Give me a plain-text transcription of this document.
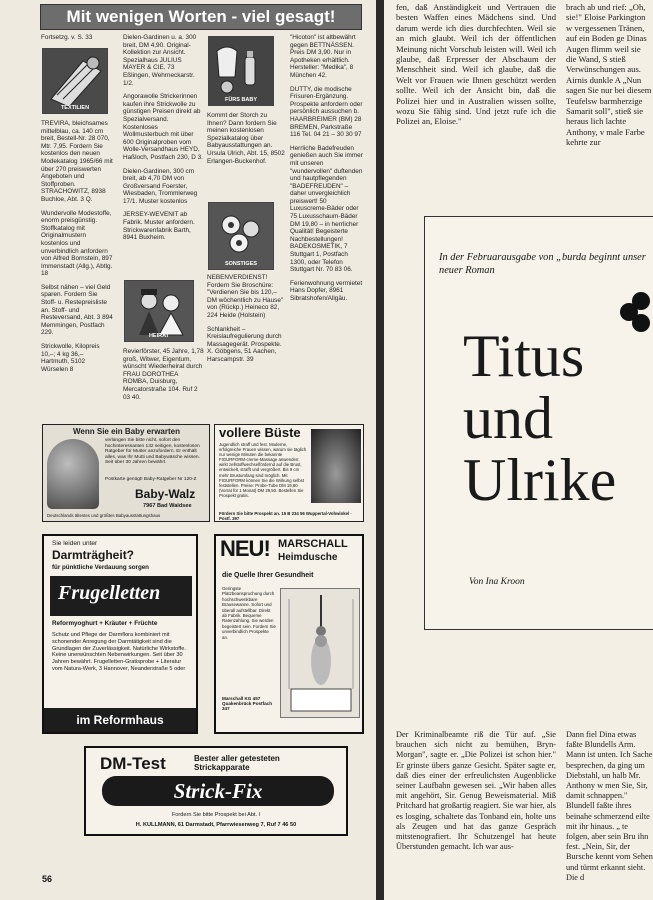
Mit wenigen Worten - viel gesagt!
TEXTILIEN

Fortsetzg. v. S. 33

TREVIRA, bleichsames mittelblau, ca. 140 cm breit, Bestell-Nr. 28 070, Mtr. 7,95. Fordern Sie kostenlos den neuen Modekatalog 1965/66 mit über 270 preiswerten Angeboten und Stoffproben. STRACHOWITZ, 8938 Buchloe, Abt. 3 Q.

Wundervolle Modestoffe, enorm preisgünstig. Stoffkatalog mit Originalmustern kostenlos und unverbindlich anfordern von Alfred Bornstein, 897 Immenstadt (Allg.), Abtlg. 18

Selbst nähen – viel Geld sparen. Fordern Sie Stoff- u. Restepreisliste an. Stoff- und Resteversand, Abt. 3 894 Memmingen, Postfach 229.

Strickwolle, Kilopreis 10,–; 4 kg 36,– Hartmuth, 5102 Würselen 8

Dielen-Gardinen u. a. 300 breit, DM 4,90. Original-Kollektion zur Ansicht. Spezialhaus JULIUS MAYER & CIE. 73 Eßlingen, Wehrneckarstr. 1/2.

Angorawolle Strickerinnen kaufen ihre Strickwolle zu günstigen Preisen direkt ab Spezialversand. Kostenloses Wollmusterbuch mit über 600 Originalproben vom Wolle-Versandhaus HEYD, Haßloch, Postfach 230, D 3.

Dielen-Gardinen, 300 cm breit, ab 4,70 DM von Großversand Foerster, Wiesbaden, Trommlerweg 17/1. Muster kostenlos

JERSEY-WEVENIT ab Fabrik. Muster anfordern. Strickwarenfabrik Barth, 8941 Buxheim.

HEIRAT

Revierförster, 45 Jahre, 1,78 groß, Witwer, Eigentum, wünscht Wiederheirat durch FRAU DOROTHEA ROMBA, Duisburg, Mercatorstraße 104. Ruf 2 03 40.

FÜRS BABY

Kommt der Storch zu Ihnen? Dann fordern Sie meinen kostenlosen Spezialkatalog über Babyausstattungen an. Ursula Ulrich, Abt. 15, 8502 Erlangen-Buckenhof.

SONSTIGES

NEBENVERDIENST! Fordern Sie Broschüre: "Verdienen Sie bis 120,– DM wöchentlich zu Hause" von (Rückp.) Heineco 82, 224 Heide (Holstein)

Schlankheit – Kreislaufregulierung durch Massagegerät. Prospekte. X. Göbgens, 51 Aachen, Harscampstr. 39

"Hicoton" ist altbewährt gegen BETTNÄSSEN. Preis DM 3,90. Nur in Apotheken erhältlich. Hersteller: "Medika", 8 München 42.

DUTTY, die modische Frisuren-Ergänzung. Prospekte anfordern oder persönlich aussuchen b. HAARBREIMER (BM) 28 BREMEN, Parkstraße 116 Tel. 04 21 – 30 30 97

Herrliche Badefreuden genießen auch Sie immer mit unseren "wundervollen" duftenden und hautpflegenden "BADEFREUDEN" – daher unvergleichlich preiswert! 50 Luxuscreme-Bäder oder 75 Luxusschaum-Bäder DM 19,80 – in herrlicher Qualität! Begeisterte Nachbestellungen! BADEKOSMETIK, 7 Stuttgart 1, Postfach 1300, oder Telefon Stuttgart Nr. 70 83 06.

Ferienwohnung vermietet Hans Dopfer, 8961 Sibratshofen/Allgäu.

Wenn Sie ein Baby erwarten
verlangen Sie bitte nicht, sofort den hochinteressanten 132 seitigen, kostenlosen Ratgeber für Mutter anzufordern. Er enthält alles, was Ihr Mutti und Babywäsche wissen. Seit über 30 Jahren bewährt.
Postkarte genügt! Baby-Ratgeber Nr 120-Z
Baby-Walz
7967 Bad Waldsee
Deutschlands ältestes und größtes Babyausstattungshaus
vollere Büste
Jugendlich straff und fest. Moderne, erfolgreiche Frauen wissen, warum sie täglich nur wenige Minuten die bekannte FIGURFORM-creme-Massage anwenden: wirkt zellstoffwechselfördernd auf die Brust, entwickelt, strafft und vergrößert. Bis 9 cm mehr Brustumfang sind möglich. Mit FIGURFORM können Sie die Wirkung selbst feststellen. Preise: Probe-Tube DM 19,80 (Vorrat für 1 Monat) DM 29,50. Bestellen Sie Prospekt gratis.
Fördern Sie bitte Prospekt an. 15 B 234 56 Wuppertal-Vohwinkel · Postf. 397
Sie leiden unter
Darmträgheit?
für pünktliche Verdauung sorgen
Frugelletten
Reformyoghurt + Kräuter + Früchte
Schutz und Pflege der Darmflora kombiniert mit schonender Anregung der Darmtätigkeit sind die Grundlagen der Zuverlässigkeit. Natürliche Wirkstoffe. Keine unerwünschten Nebenwirkungen. Seit über 30 Jahren bewährt. Frugelletten-Gratisprobe + Literatur vom Natura-Werk, 3 Hannover, Neanderstraße 5 oder
im Reformhaus
NEU! MARSCHALL
Heimdusche
die Quelle Ihrer Gesundheit
Geringste Platzbeanspruchung durch hochschwenkbare Brausewanne. Sofort und überall aufstellbar. Direkt ab Fabrik. Bequeme Ratenzahlung. Sie werden begeistert sein. Fordern Sie unverbindlich Prospekte an.
Marschall KG 457 Quakenbrück Postfach 347
DM-Test	Bester aller getesteten Strickapparate
Strick-Fix
Fordern Sie bitte Prospekt bei Abt. I
H. KULLMANN, 61 Darmstadt, Pfarrwiesenweg 7, Ruf 7 46 50
56

fen, daß Anständigkeit und Vertrauen die besten Waffen eines Mädchens sind. Und darum werde ich dies durchfechten. Weil sie an mich glaubt. Weil ich der öffentlichen Meinung nicht Vorschub leisten will. Weil ich glaube, daß Erpresser der Abschaum der Menschheit sind. Weil ich glaube, daß die Welt vor Frauen wie Ihnen geschützt werden sollte. Weil ich der Ansicht bin, daß die Polizei hier und in Australien wissen sollte, wozu Sie fähig sind. Und jetzt rufe ich die Polizei an, Eloise."

brach ab und rief: „Oh, sie!" Eloise Parkington w vergessenen Tränen, auf ein Boden ge Dinas Augen flimm weil sie die Wand, S stieß Verwünschungen aus. Airnis dunkle A „Nun sagen Sie nur bei diesem Teufelsw barmherzige Samarit soll", stieß sie heraus lich lachte Anthony, v male Farbe kehrte zur

In der Februarausgabe von „burda beginnt unser neuer Roman
Titus und Ulrike
Von Ina Kroon

Der Kriminalbeamte riß die Tür auf. „Sie brauchen sich nicht zu bemühen, Bryn-Morgan", sagte er. „Die Polizei ist schon hier." Er grinste übers ganze Gesicht. Später sagte er, daß dies einer der erfreulichsten Augenblicke seiner Laufbahn gewesen sei. „Wir haben alles mit angehört, Sir. Genug Beweismaterial. Miß Pritchard hat großartig reagiert. Sie war hier, als es losging, schaltete das Tonband ein, holte uns als Zeugen und hat das ganze Gespräch mitstenografiert. Ihr Schutzengel hat heute Überstunden gemacht. Ich war aus-

Dann fiel Dina etwas faßte Blundells Arm. Mann ist unten. Ich Sache besprechen, da ging um Diebstahl, un halb Mr. Anthony w men Sie, Sir, damit schnappen." Blundell faßte ihres beinahe schmerzend eilte mit ihr hinaus. „ te folgen, aber sein Bru ihn fest. „Nein, Sir, der Bursche kennt vom Sehen und türmt erkannt sieht. Die d
